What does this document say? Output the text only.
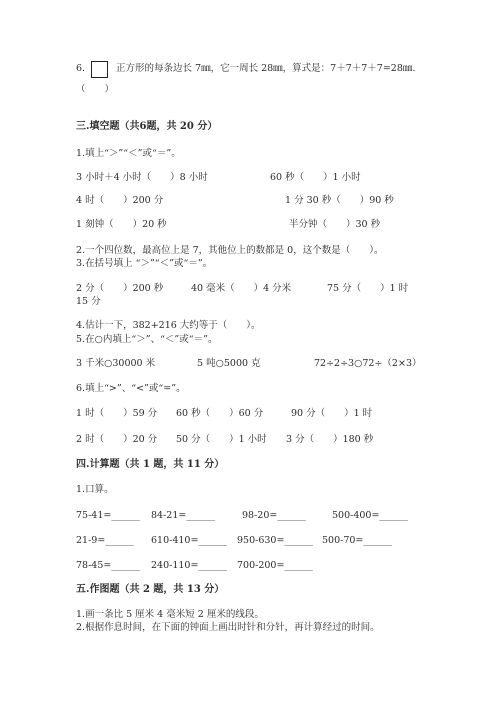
6.	正方形的每条边长 7㎜，它一周长 28㎜，算式是：7＋7＋7＋7=28㎜.
（　　）
三.填空题（共6题，共 20 分）
1.填上“＞”“＜”或“＝”。
3 小时＋4 小时（　　）8 小时	60 秒（　　）1 小时
4 时（　　）200 分	1 分 30 秒（　　）90 秒
1 刻钟（　　）20 秒	半分钟（　　）30 秒
2.一个四位数，最高位上是 7，其他位上的数都是 0，这个数是（　　）。
3.在括号填上 “＞”“＜”或“＝”。
2 分（　　）200 秒	40 毫米（　　）4 分米	75 分（　　）1 时
15 分
4.估计一下，382+216 大约等于（　　）。
5.在○内填上“＞”、“＜”或“＝”。
3 千米○30000 米	5 吨○5000 克	72÷2÷3○72÷（2×3）
6.填上“>”、“<”或“=”。
1 时（　　）59 分 60 秒（　　）60 分	90 分（　　）1 时
2 时（　　）20 分 50 分（　　）1 小时 3 分（　　）180 秒
四.计算题（共 1 题，共 11 分）
1.口算。
75-41=______ 84-21=______	98-20=______	500-400=______
21-9=______ 610-410=______ 950-630=______ 500-70=______
78-45=______ 240-110=______ 700-200=______
五.作图题（共 2 题，共 13 分）
1.画一条比 5 厘米 4 毫米短 2 厘米的线段。
2.根据作息时间，在下面的钟面上画出时针和分针，再计算经过的时间。
